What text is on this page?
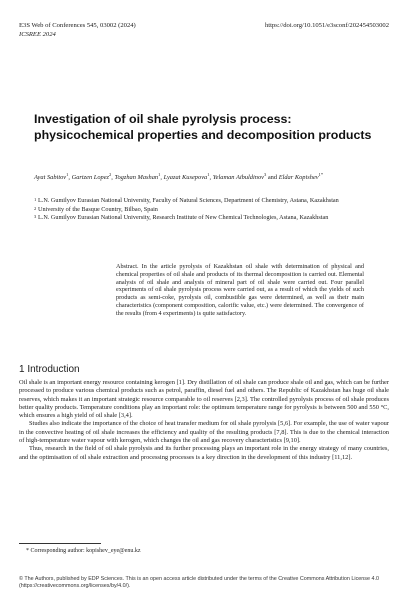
E3S Web of Conferences 545, 03002 (2024)
ICSREE 2024
https://doi.org/10.1051/e3sconf/202454503002
Investigation of oil shale pyrolysis process: physicochemical properties and decomposition products
Ayat Sabitov$^1$, Gartzen Lopez$^2$, Togzhan Mashan$^1$, Lyazat Kusepova$^1$, Yelaman Aibuldinov$^3$ and Eldar Kopishev$^{1*}$
1 L.N. Gumilyov Eurasian National University, Faculty of Natural Sciences, Department of Chemistry, Astana, Kazakhstan
2 University of the Basque Country, Bilbao, Spain
3 L.N. Gumilyov Eurasian National University, Research Institute of New Chemical Technologies, Astana, Kazakhstan
Abstract. In the article pyrolysis of Kazakhstan oil shale with determination of physical and chemical properties of oil shale and products of its thermal decomposition is carried out. Elemental analysis of oil shale and analysis of mineral part of oil shale were carried out. Four parallel experiments of oil shale pyrolysis process were carried out, as a result of which the yields of such products as semi-coke, pyrolysis oil, combustible gas were determined, as well as their main characteristics (component composition, calorific value, etc.) were determined. The convergence of the results (from 4 experiments) is quite satisfactory.
1 Introduction

Oil shale is an important energy resource containing kerogen [1]. Dry distillation of oil shale can produce shale oil and gas, which can be further processed to produce various chemical products such as petrol, paraffin, diesel fuel and others. The Republic of Kazakhstan has huge oil shale reserves, which makes it an important strategic resource comparable to oil reserves [2,3]. The controlled pyrolysis process of oil shale produces better quality products. Temperature conditions play an important role: the optimum temperature range for pyrolysis is between 500 and 550 °C, which ensures a high yield of oil shale [3,4].

Studies also indicate the importance of the choice of heat transfer medium for oil shale pyrolysis [5,6]. For example, the use of water vapour in the convective heating of oil shale increases the efficiency and quality of the resulting products [7,8]. This is due to the chemical interaction of high-temperature water vapour with kerogen, which changes the oil and gas recovery characteristics [9,10].

Thus, research in the field of oil shale pyrolysis and its further processing plays an important role in the energy strategy of many countries, and the optimisation of oil shale extraction and processing processes is a key direction in the development of this industry [11,12].

* Corresponding author: kopishev_eye@enu.kz
© The Authors, published by EDP Sciences. This is an open access article distributed under the terms of the Creative Commons Attribution License 4.0 (https://creativecommons.org/licenses/by/4.0/).
